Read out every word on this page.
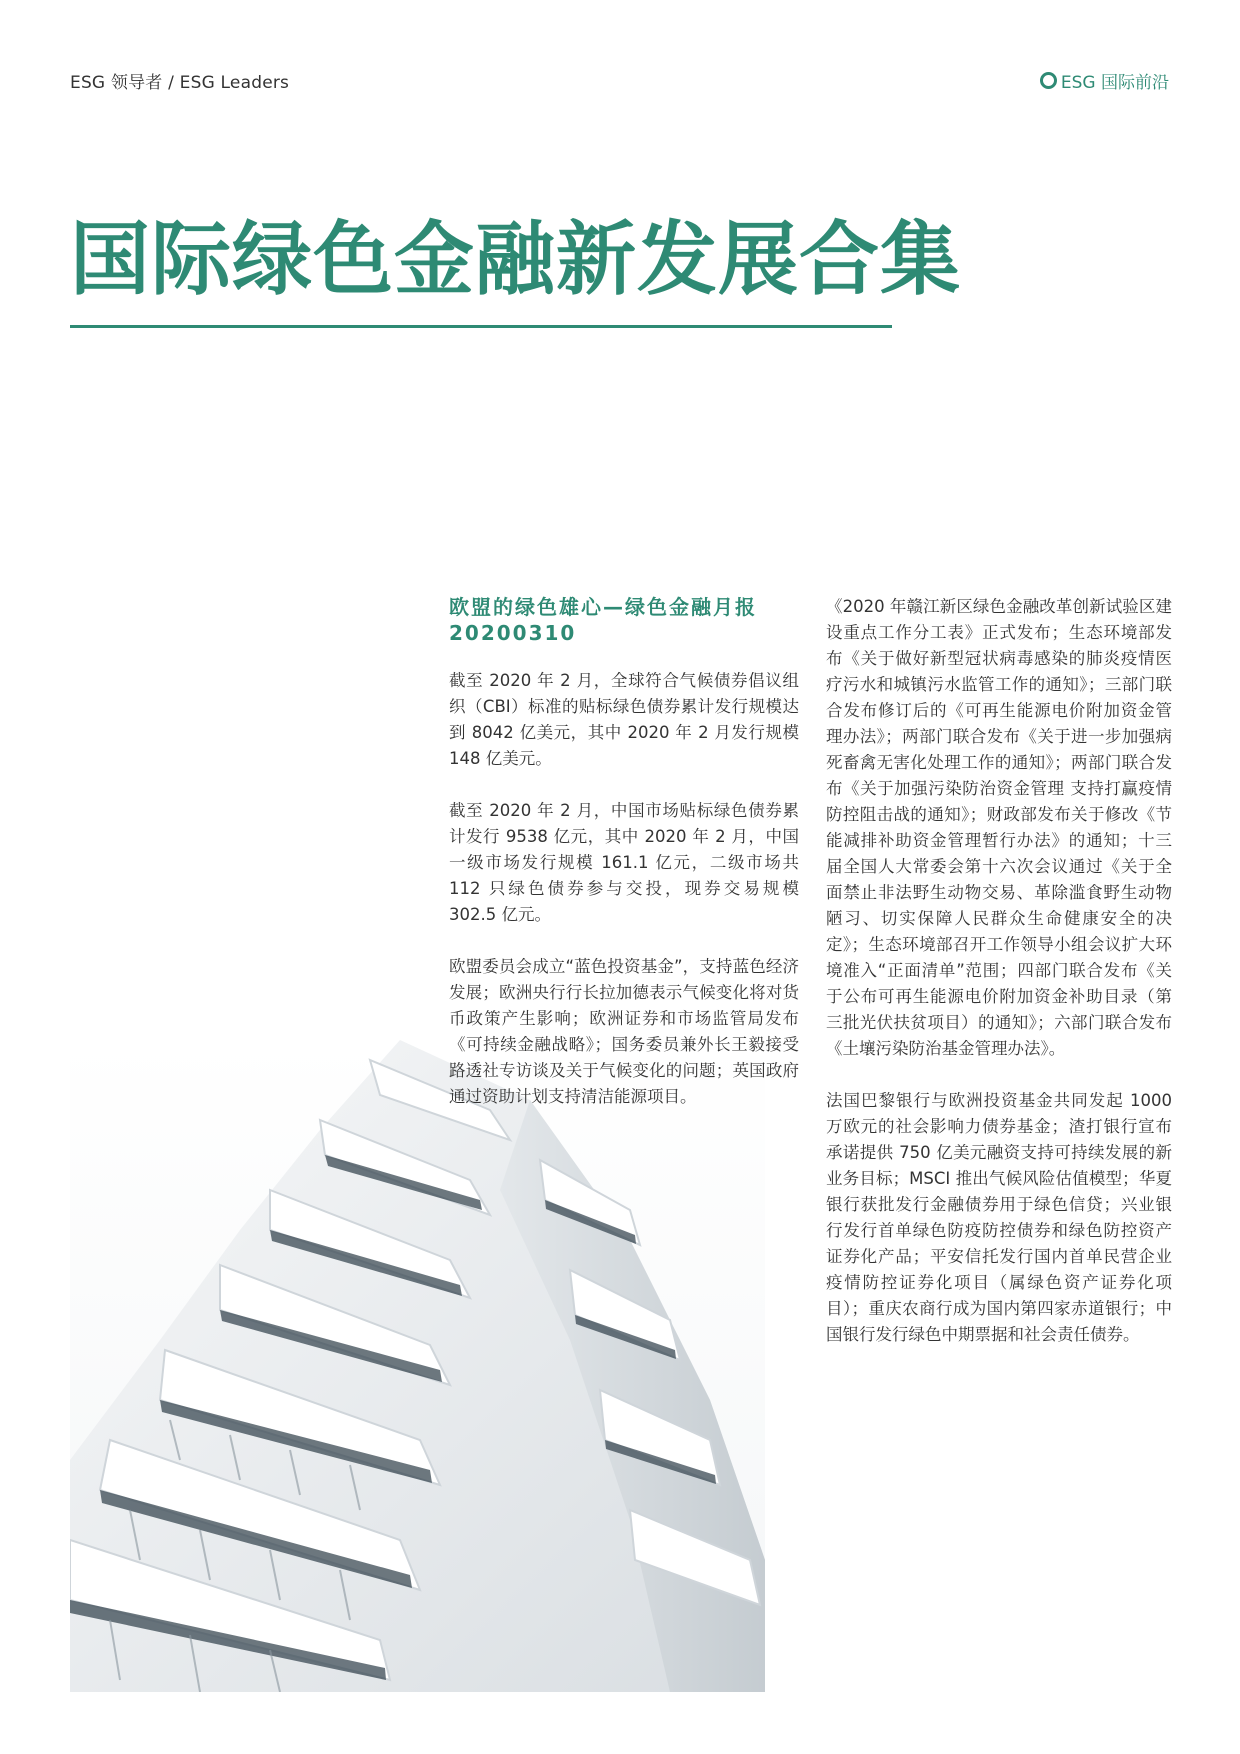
ESG 领导者 / ESG Leaders	ESG 国际前沿
国际绿色金融新发展合集
欧盟的绿色雄心—绿色金融月报
20200310

截至 2020 年 2 月，全球符合气候债券倡议组织（CBI）标准的贴标绿色债券累计发行规模达到 8042 亿美元，其中 2020 年 2 月发行规模 148 亿美元。

截至 2020 年 2 月，中国市场贴标绿色债券累计发行 9538 亿元，其中 2020 年 2 月，中国一级市场发行规模 161.1 亿元，二级市场共 112 只绿色债券参与交投，现券交易规模 302.5 亿元。

欧盟委员会成立“蓝色投资基金”，支持蓝色经济发展；欧洲央行行长拉加德表示气候变化将对货币政策产生影响；欧洲证券和市场监管局发布《可持续金融战略》；国务委员兼外长王毅接受路透社专访谈及关于气候变化的问题；英国政府通过资助计划支持清洁能源项目。

《2020 年赣江新区绿色金融改革创新试验区建设重点工作分工表》正式发布；生态环境部发布《关于做好新型冠状病毒感染的肺炎疫情医疗污水和城镇污水监管工作的通知》；三部门联合发布修订后的《可再生能源电价附加资金管理办法》；两部门联合发布《关于进一步加强病死畜禽无害化处理工作的通知》；两部门联合发布《关于加强污染防治资金管理 支持打赢疫情防控阻击战的通知》；财政部发布关于修改《节能减排补助资金管理暂行办法》的通知；十三届全国人大常委会第十六次会议通过《关于全面禁止非法野生动物交易、革除滥食野生动物陋习、切实保障人民群众生命健康安全的决定》；生态环境部召开工作领导小组会议扩大环境准入“正面清单”范围；四部门联合发布《关于公布可再生能源电价附加资金补助目录（第三批光伏扶贫项目）的通知》；六部门联合发布《土壤污染防治基金管理办法》。

法国巴黎银行与欧洲投资基金共同发起 1000 万欧元的社会影响力债券基金；渣打银行宣布承诺提供 750 亿美元融资支持可持续发展的新业务目标；MSCI 推出气候风险估值模型；华夏银行获批发行金融债券用于绿色信贷；兴业银行发行首单绿色防疫防控债券和绿色防控资产证券化产品；平安信托发行国内首单民营企业疫情防控证券化项目（属绿色资产证券化项目）；重庆农商行成为国内第四家赤道银行；中国银行发行绿色中期票据和社会责任债券。
